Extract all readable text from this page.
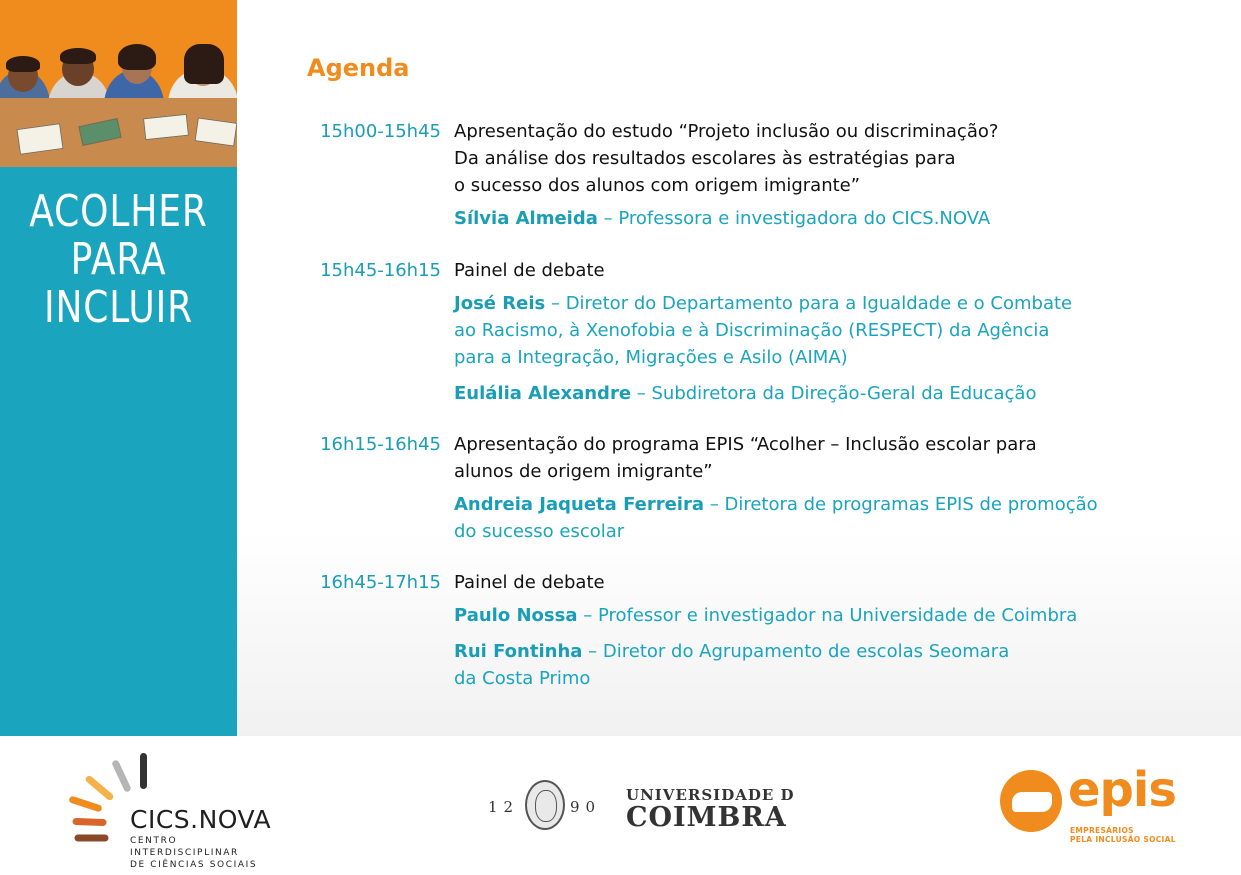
ACOLHER
PARA
INCLUIR
Agenda
15h00-15h45 Apresentação do estudo “Projeto inclusão ou discriminação?
Da análise dos resultados escolares às estratégias para
o sucesso dos alunos com origem imigrante”
Sílvia Almeida – Professora e investigadora do CICS.NOVA
15h45-16h15 Painel de debate
José Reis – Diretor do Departamento para a Igualdade e o Combate
ao Racismo, à Xenofobia e à Discriminação (RESPECT) da Agência
para a Integração, Migrações e Asilo (AIMA)
Eulália Alexandre – Subdiretora da Direção-Geral da Educação
16h15-16h45 Apresentação do programa EPIS “Acolher – Inclusão escolar para
alunos de origem imigrante”
Andreia Jaqueta Ferreira – Diretora de programas EPIS de promoção
do sucesso escolar
16h45-17h15 Painel de debate
Paulo Nossa – Professor e investigador na Universidade de Coimbra
Rui Fontinha – Diretor do Agrupamento de escolas Seomara
da Costa Primo
CICS.NOVA
CENTRO INTERDISCIPLINAR
DE CIÊNCIAS SOCIAIS
12	90
UNIVERSIDADE D
COIMBRA	epis
EMPRESÁRIOS
PELA INCLUSÃO SOCIAL
